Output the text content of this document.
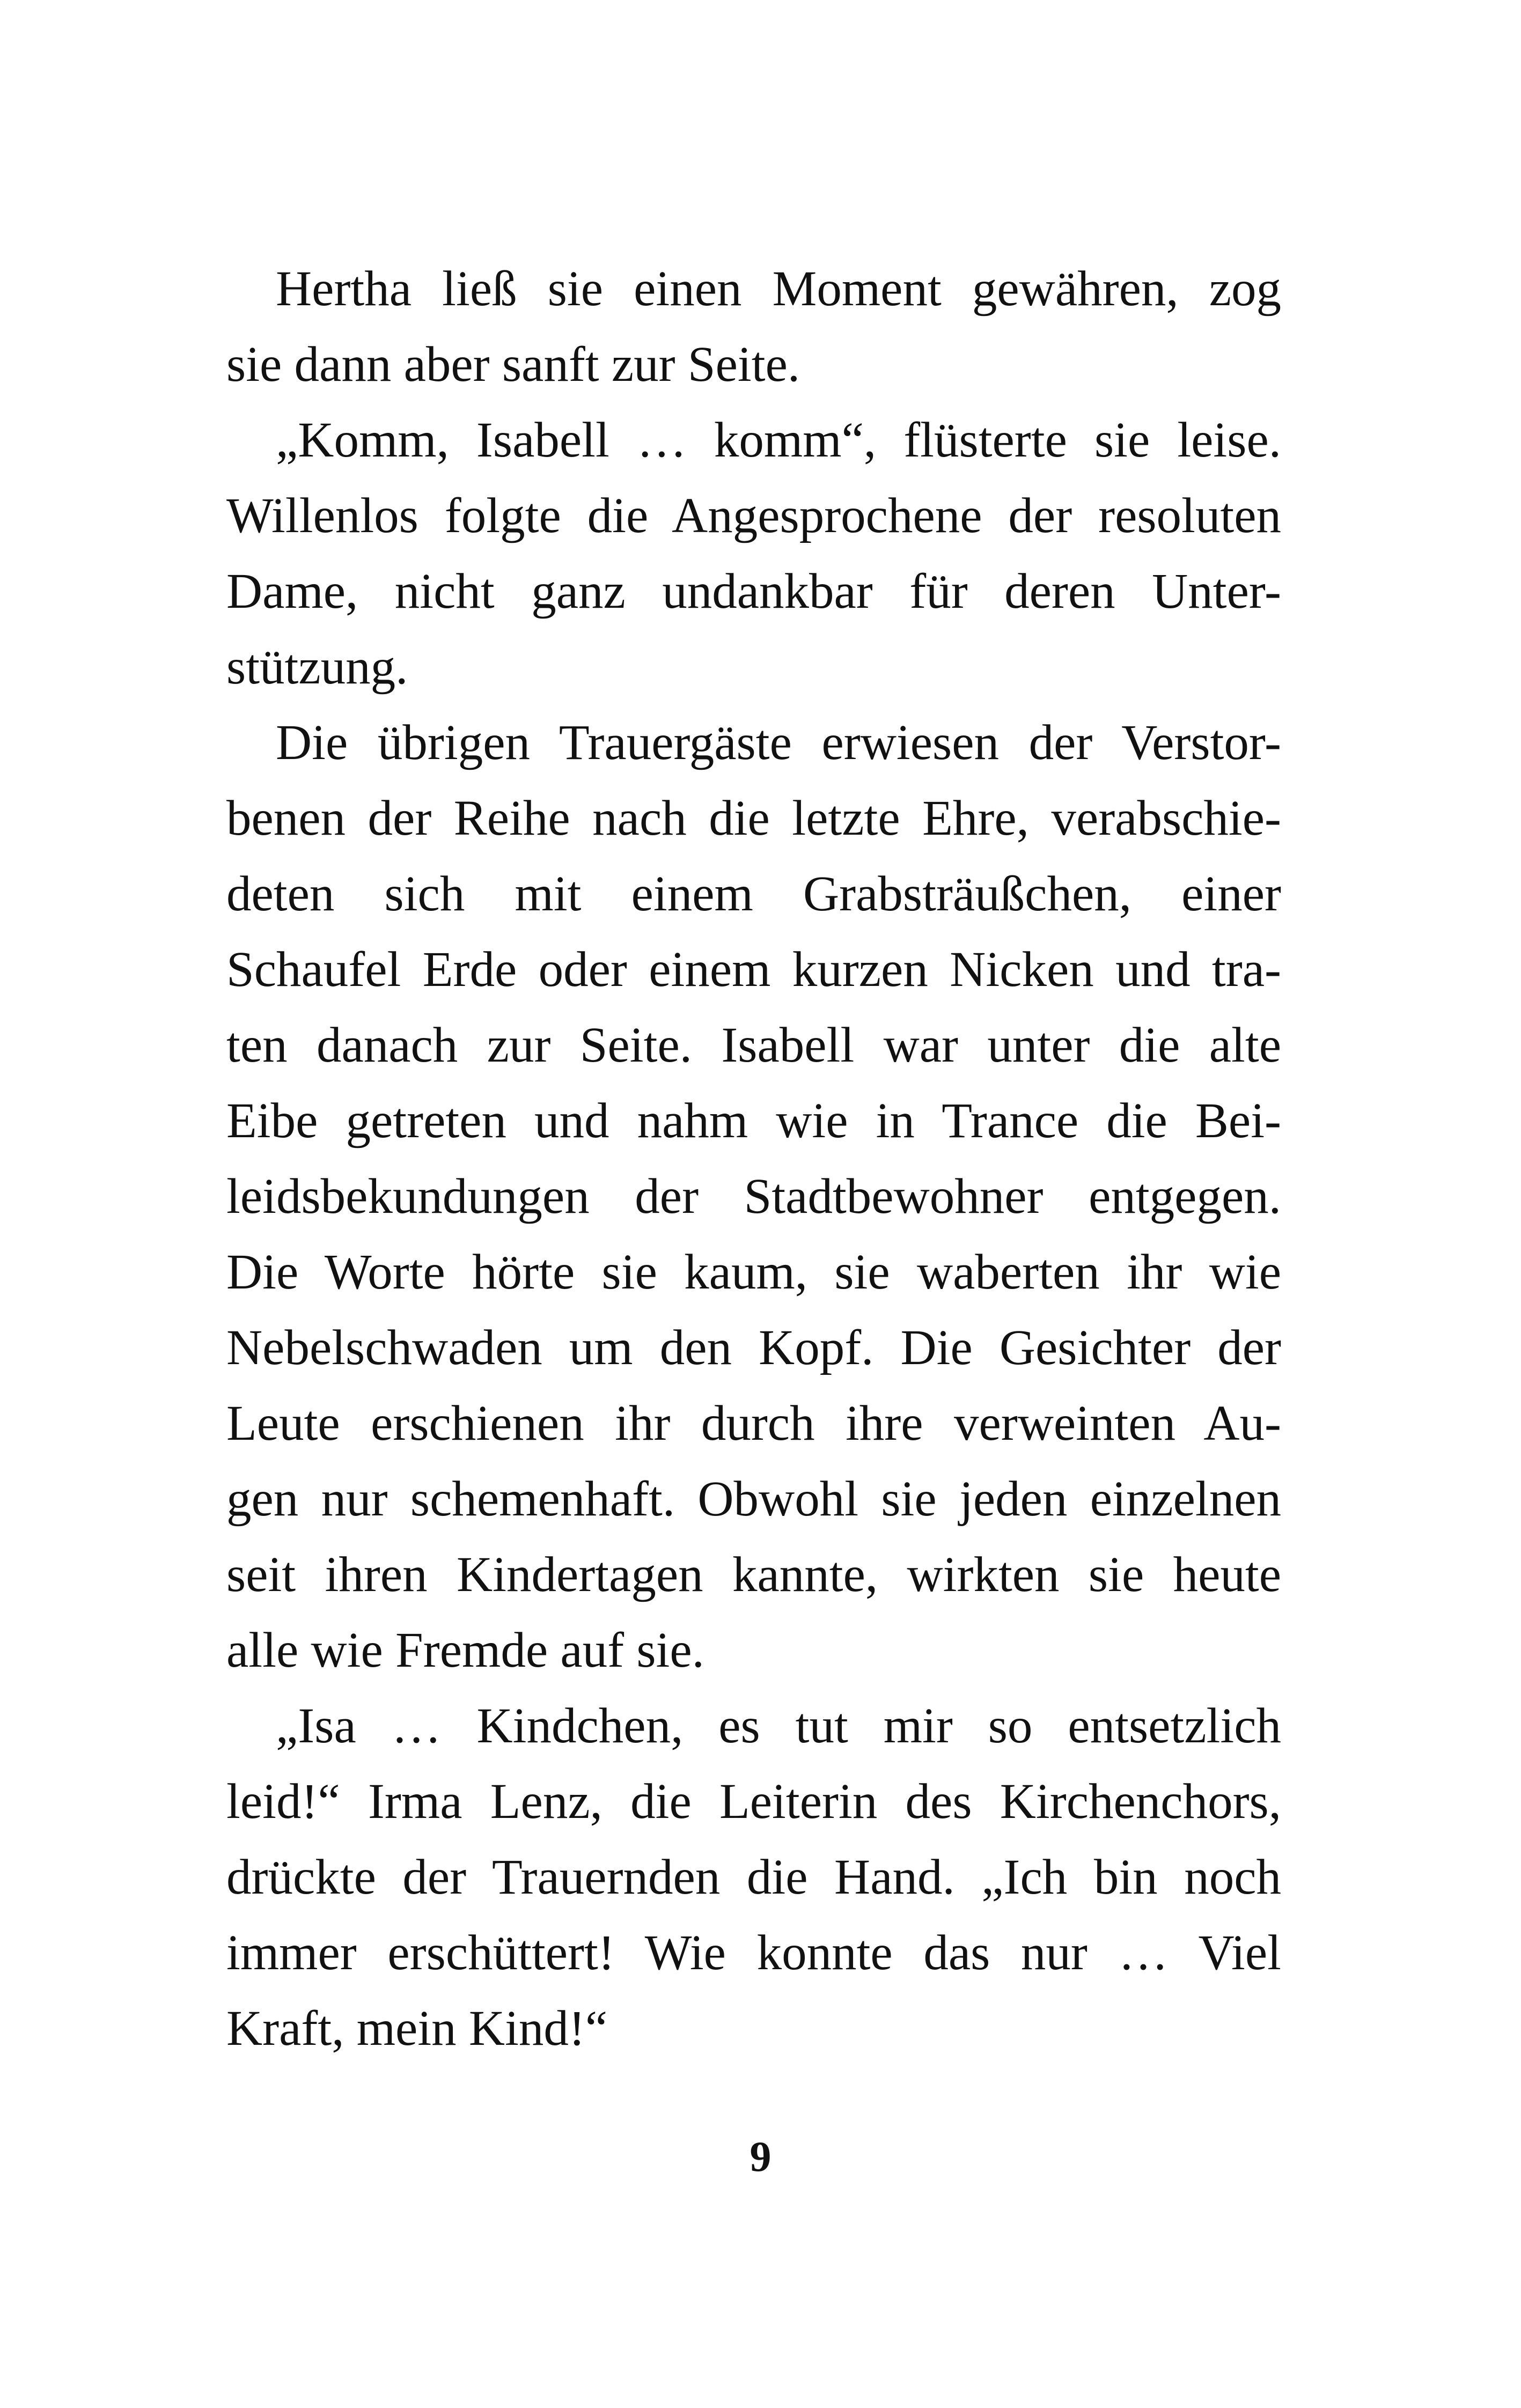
Hertha ließ sie einen Moment gewähren, zog
sie dann aber sanft zur Seite.
„Komm, Isabell … komm“, flüsterte sie leise.
Willenlos folgte die Angesprochene der resoluten
Dame, nicht ganz undankbar für deren Unter-
stützung.
Die übrigen Trauergäste erwiesen der Verstor-
benen der Reihe nach die letzte Ehre, verabschie-
deten sich mit einem Grabsträußchen, einer
Schaufel Erde oder einem kurzen Nicken und tra-
ten danach zur Seite. Isabell war unter die alte
Eibe getreten und nahm wie in Trance die Bei-
leidsbekundungen der Stadtbewohner entgegen.
Die Worte hörte sie kaum, sie waberten ihr wie
Nebelschwaden um den Kopf. Die Gesichter der
Leute erschienen ihr durch ihre verweinten Au-
gen nur schemenhaft. Obwohl sie jeden einzelnen
seit ihren Kindertagen kannte, wirkten sie heute
alle wie Fremde auf sie.
„Isa … Kindchen, es tut mir so entsetzlich
leid!“ Irma Lenz, die Leiterin des Kirchenchors,
drückte der Trauernden die Hand. „Ich bin noch
immer erschüttert! Wie konnte das nur … Viel
Kraft, mein Kind!“
9
